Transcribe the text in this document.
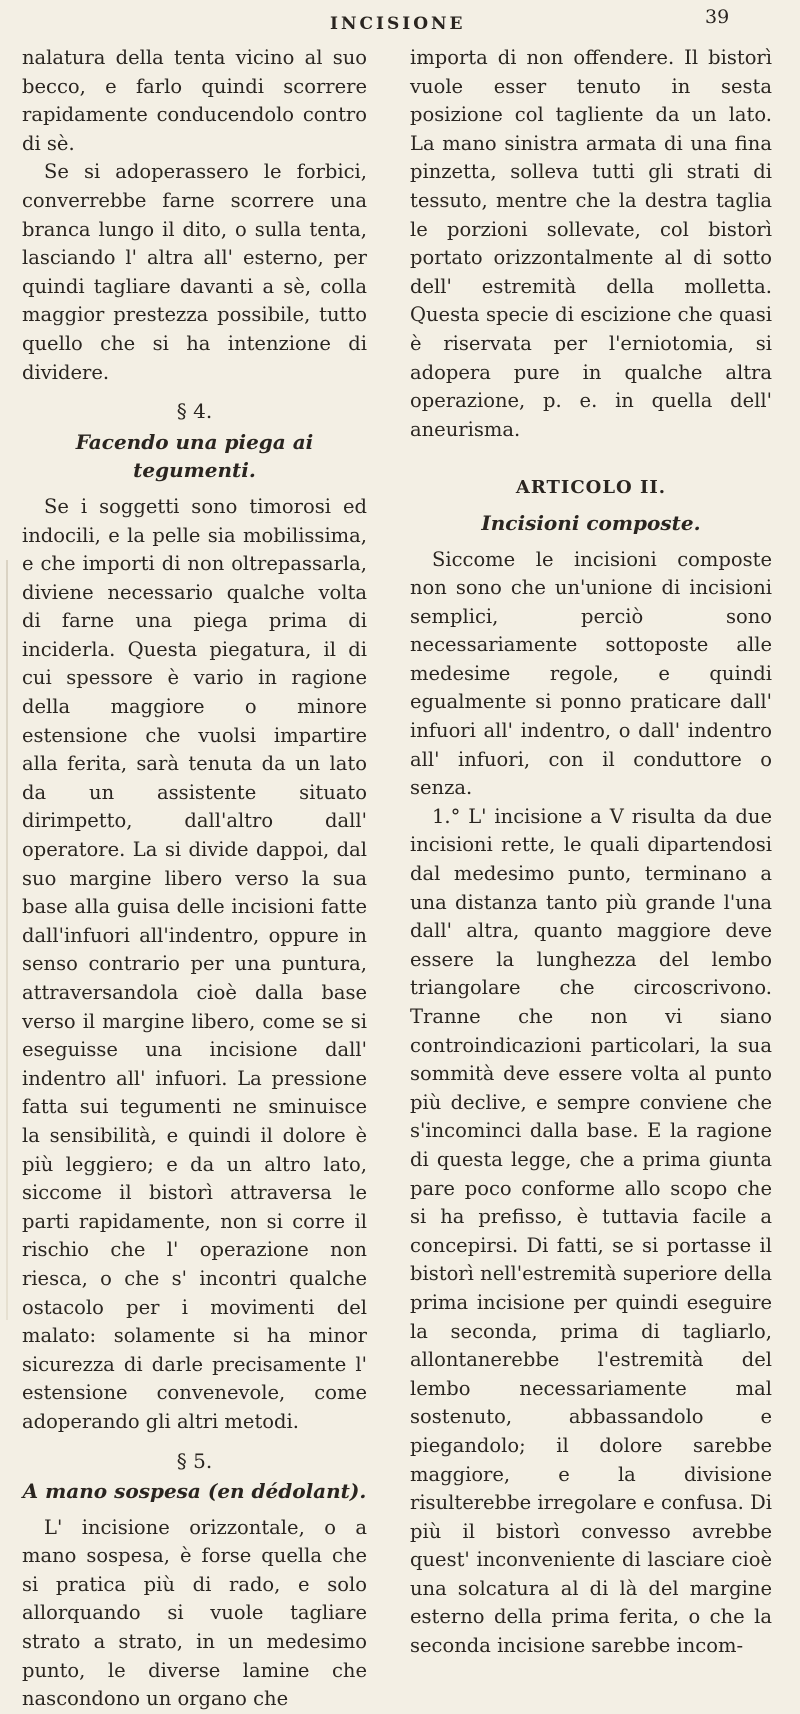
INCISIONE	39

nalatura della tenta vicino al suo becco, e farlo quindi scorrere rapidamente conducendolo contro di sè.

Se si adoperassero le forbici, converrebbe farne scorrere una branca lungo il dito, o sulla tenta, lasciando l' altra all' esterno, per quindi tagliare davanti a sè, colla maggior prestezza possibile, tutto quello che si ha intenzione di dividere.

§ 4.
Facendo una piega ai tegumenti.

Se i soggetti sono timorosi ed indocili, e la pelle sia mobilissima, e che importi di non oltrepassarla, diviene necessario qualche volta di farne una piega prima di inciderla. Questa piegatura, il di cui spessore è vario in ragione della maggiore o minore estensione che vuolsi impartire alla ferita, sarà tenuta da un lato da un assistente situato dirimpetto, dall'altro dall' operatore. La si divide dappoi, dal suo margine libero verso la sua base alla guisa delle incisioni fatte dall'infuori all'indentro, oppure in senso contrario per una puntura, attraversandola cioè dalla base verso il margine libero, come se si eseguisse una incisione dall' indentro all' infuori. La pressione fatta sui tegumenti ne sminuisce la sensibilità, e quindi il dolore è più leggiero; e da un altro lato, siccome il bistorì attraversa le parti rapidamente, non si corre il rischio che l' operazione non riesca, o che s' incontri qualche ostacolo per i movimenti del malato: solamente si ha minor sicurezza di darle precisamente l' estensione convenevole, come adoperando gli altri metodi.

§ 5.
A mano sospesa (en dédolant).

L' incisione orizzontale, o a mano sospesa, è forse quella che si pratica più di rado, e solo allorquando si vuole tagliare strato a strato, in un medesimo punto, le diverse lamine che nascondono un organo che

importa di non offendere. Il bistorì vuole esser tenuto in sesta posizione col tagliente da un lato. La mano sinistra armata di una fina pinzetta, solleva tutti gli strati di tessuto, mentre che la destra taglia le porzioni sollevate, col bistorì portato orizzontalmente al di sotto dell' estremità della molletta. Questa specie di escizione che quasi è riservata per l'erniotomia, si adopera pure in qualche altra operazione, p. e. in quella dell' aneurisma.

ARTICOLO II.
Incisioni composte.

Siccome le incisioni composte non sono che un'unione di incisioni semplici, perciò sono necessariamente sottoposte alle medesime regole, e quindi egualmente si ponno praticare dall' infuori all' indentro, o dall' indentro all' infuori, con il conduttore o senza.

1.° L' incisione a V risulta da due incisioni rette, le quali dipartendosi dal medesimo punto, terminano a una distanza tanto più grande l'una dall' altra, quanto maggiore deve essere la lunghezza del lembo triangolare che circoscrivono. Tranne che non vi siano controindicazioni particolari, la sua sommità deve essere volta al punto più declive, e sempre conviene che s'incominci dalla base. E la ragione di questa legge, che a prima giunta pare poco conforme allo scopo che si ha prefisso, è tuttavia facile a concepirsi. Di fatti, se si portasse il bistorì nell'estremità superiore della prima incisione per quindi eseguire la seconda, prima di tagliarlo, allontanerebbe l'estremità del lembo necessariamente mal sostenuto, abbassandolo e piegandolo; il dolore sarebbe maggiore, e la divisione risulterebbe irregolare e confusa. Di più il bistorì convesso avrebbe quest' inconveniente di lasciare cioè una solcatura al di là del margine esterno della prima ferita, o che la seconda incisione sarebbe incom-
